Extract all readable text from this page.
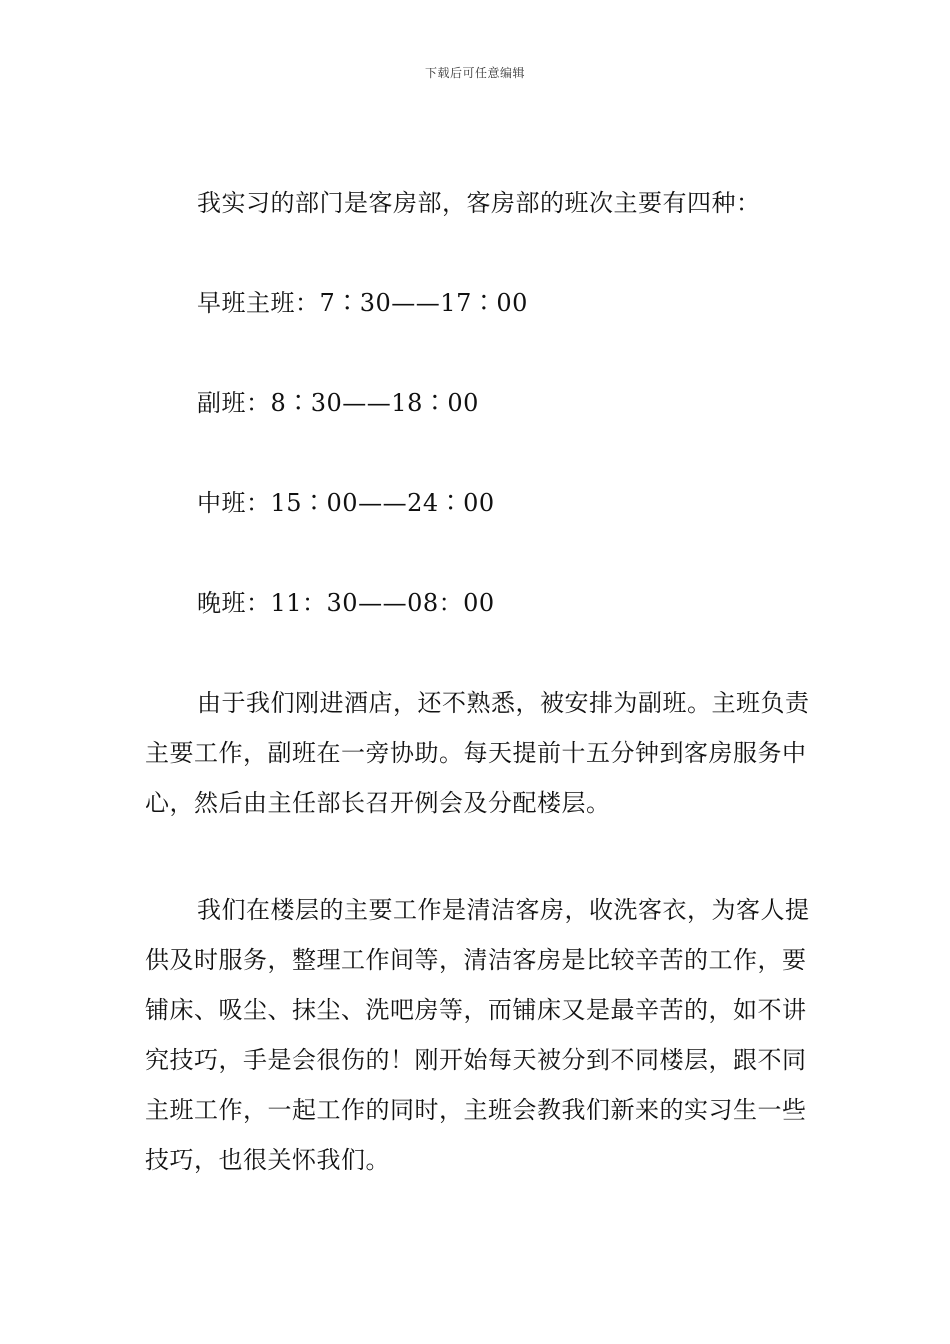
下载后可任意编辑

我实习的部门是客房部，客房部的班次主要有四种：

早班主班：7∶30——17∶00

副班：8∶30——18∶00

中班：15∶00——24∶00

晚班：11：30——08：00

由于我们刚进酒店，还不熟悉，被安排为副班。主班负责主要工作，副班在一旁协助。每天提前十五分钟到客房服务中心，然后由主任部长召开例会及分配楼层。

我们在楼层的主要工作是清洁客房，收洗客衣，为客人提供及时服务，整理工作间等，清洁客房是比较辛苦的工作，要铺床、吸尘、抹尘、洗吧房等，而铺床又是最辛苦的，如不讲究技巧，手是会很伤的！刚开始每天被分到不同楼层，跟不同主班工作，一起工作的同时，主班会教我们新来的实习生一些技巧，也很关怀我们。
